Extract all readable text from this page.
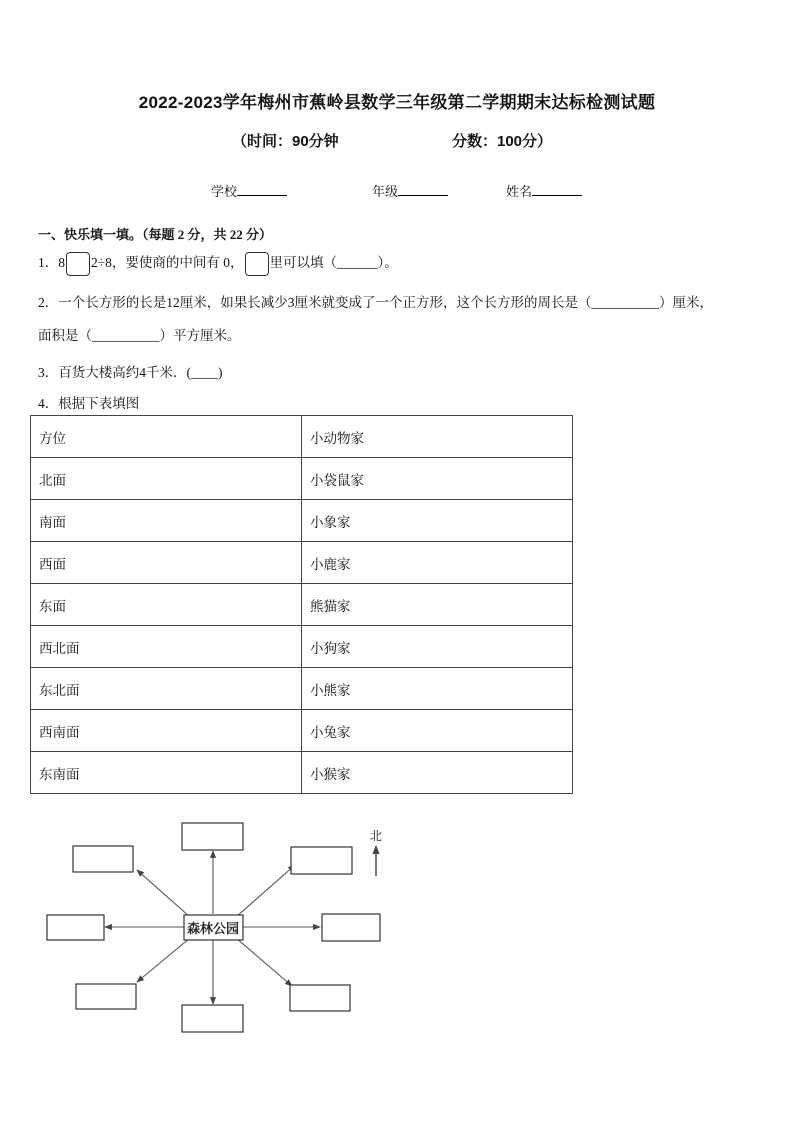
2022-2023学年梅州市蕉岭县数学三年级第二学期期末达标检测试题
（时间：90分钟	分数：100分）
学校	年级	姓名
一、快乐填一填。（每题 2 分，共 22 分）
1．8 2÷8，要使商的中间有 0， 里可以填（______）。
2．一个长方形的长是12厘米，如果长减少3厘米就变成了一个正方形，这个长方形的周长是（__________）厘米，
面积是（__________）平方厘米。
3．百货大楼高约4千米．(____)
4．根据下表填图
方位	小动物家
北面	小袋鼠家
南面	小象家
西面	小鹿家
东面	熊猫家
西北面	小狗家
东北面	小熊家
西南面	小兔家
东南面	小猴家
森林公园
北
